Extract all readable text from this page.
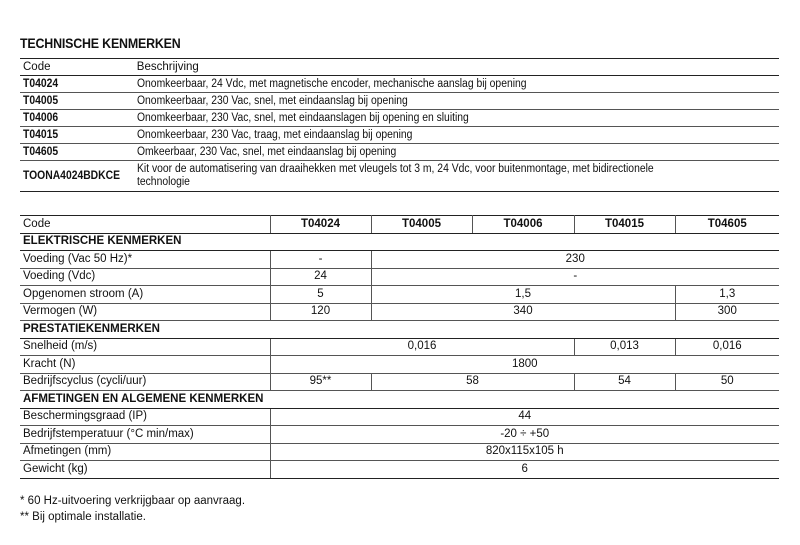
TECHNISCHE KENMERKEN
Code	Beschrijving
T04024	Onomkeerbaar, 24 Vdc, met magnetische encoder, mechanische aanslag bij opening
T04005	Onomkeerbaar, 230 Vac, snel, met eindaanslag bij opening
T04006	Onomkeerbaar, 230 Vac, snel, met eindaanslagen bij opening en sluiting
T04015	Onomkeerbaar, 230 Vac, traag, met eindaanslag bij opening
T04605	Omkeerbaar, 230 Vac, snel, met eindaanslag bij opening
TOONA4024BDKCE	Kit voor de automatisering van draaihekken met vleugels tot 3 m, 24 Vdc, voor buitenmontage, met bidirectionele
technologie
Code	T04024	T04005	T04006	T04015	T04605
ELEKTRISCHE KENMERKEN					
Voeding (Vac 50 Hz)*	-	230			
Voeding (Vdc)	24	-			
Opgenomen stroom (A)	5	1,5			1,3
Vermogen (W)	120	340			300
PRESTATIEKENMERKEN					
Snelheid (m/s)	0,016			0,013	0,016
Kracht (N)	1800				
Bedrijfscyclus (cycli/uur)	95**	58		54	50
AFMETINGEN EN ALGEMENE KENMERKEN					
Beschermingsgraad (IP)	44				
Bedrijfstemperatuur (°C min/max)	-20 ÷ +50				
Afmetingen (mm)	820x115x105 h				
Gewicht (kg)	6				
* 60 Hz-uitvoering verkrijgbaar op aanvraag.
** Bij optimale installatie.
